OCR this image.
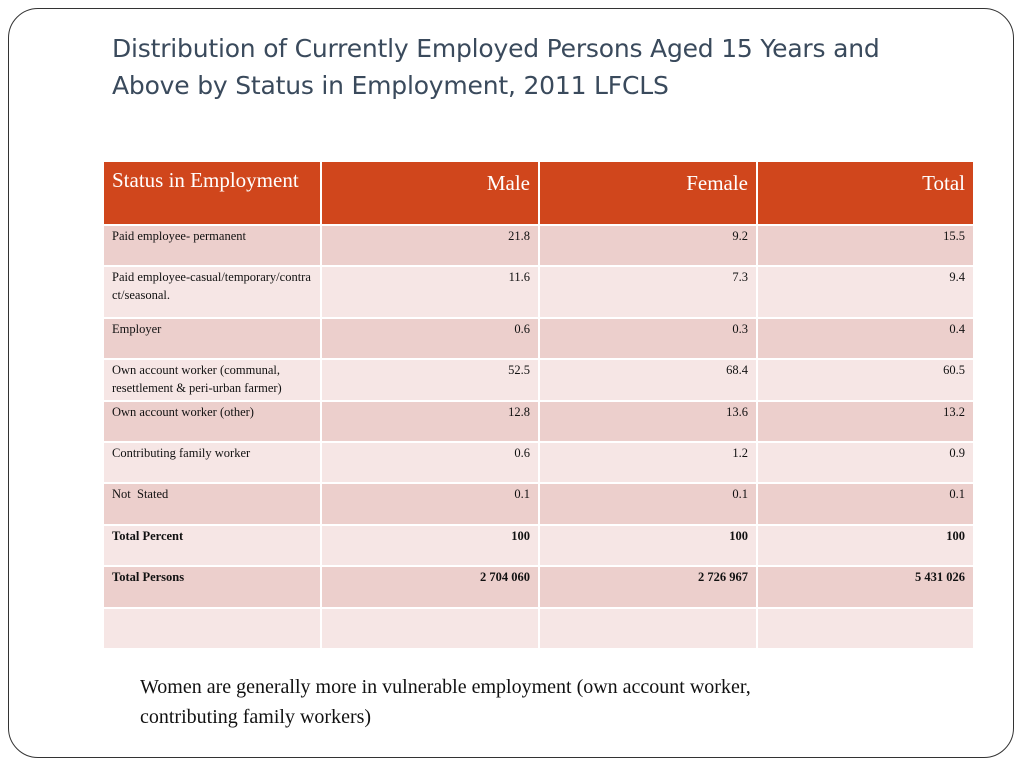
Distribution of Currently Employed Persons Aged 15 Years and Above by Status in Employment, 2011 LFCLS
Status in Employment	Male	Female	Total
Paid employee- permanent	21.8	9.2	15.5
Paid employee-casual/temporary/contract/seasonal.	11.6	7.3	9.4
Employer	0.6	0.3	0.4
Own account worker (communal, resettlement & peri-urban farmer)	52.5	68.4	60.5
Own account worker (other)	12.8	13.6	13.2
Contributing family worker	0.6	1.2	0.9
Not  Stated	0.1	0.1	0.1
Total Percent	100	100	100
Total Persons	2 704 060	2 726 967	5 431 026

Women are generally more in vulnerable employment (own account worker, contributing family workers)
